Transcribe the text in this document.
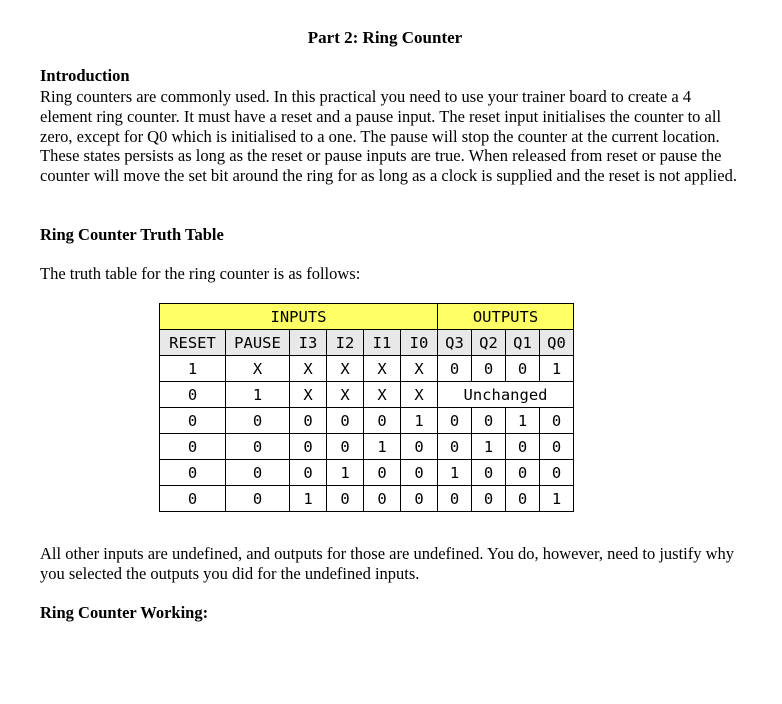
Part 2: Ring Counter

Introduction

Ring counters are commonly used. In this practical you need to use your trainer board to create a 4 element ring counter. It must have a reset and a pause input. The reset input initialises the counter to all zero, except for Q0 which is initialised to a one. The pause will stop the counter at the current location. These states persists as long as the reset or pause inputs are true. When released from reset or pause the counter will move the set bit around the ring for as long as a clock is supplied and the reset is not applied.

Ring Counter Truth Table

The truth table for the ring counter is as follows:

INPUTS						OUTPUTS			
RESET	PAUSE	I3	I2	I1	I0	Q3	Q2	Q1	Q0
1	X	X	X	X	X	0	0	0	1
0	1	X	X	X	X	Unchanged			
0	0	0	0	0	1	0	0	1	0
0	0	0	0	1	0	0	1	0	0
0	0	0	1	0	0	1	0	0	0
0	0	1	0	0	0	0	0	0	1

All other inputs are undefined, and outputs for those are undefined. You do, however, need to justify why you selected the outputs you did for the undefined inputs.

Ring Counter Working:
